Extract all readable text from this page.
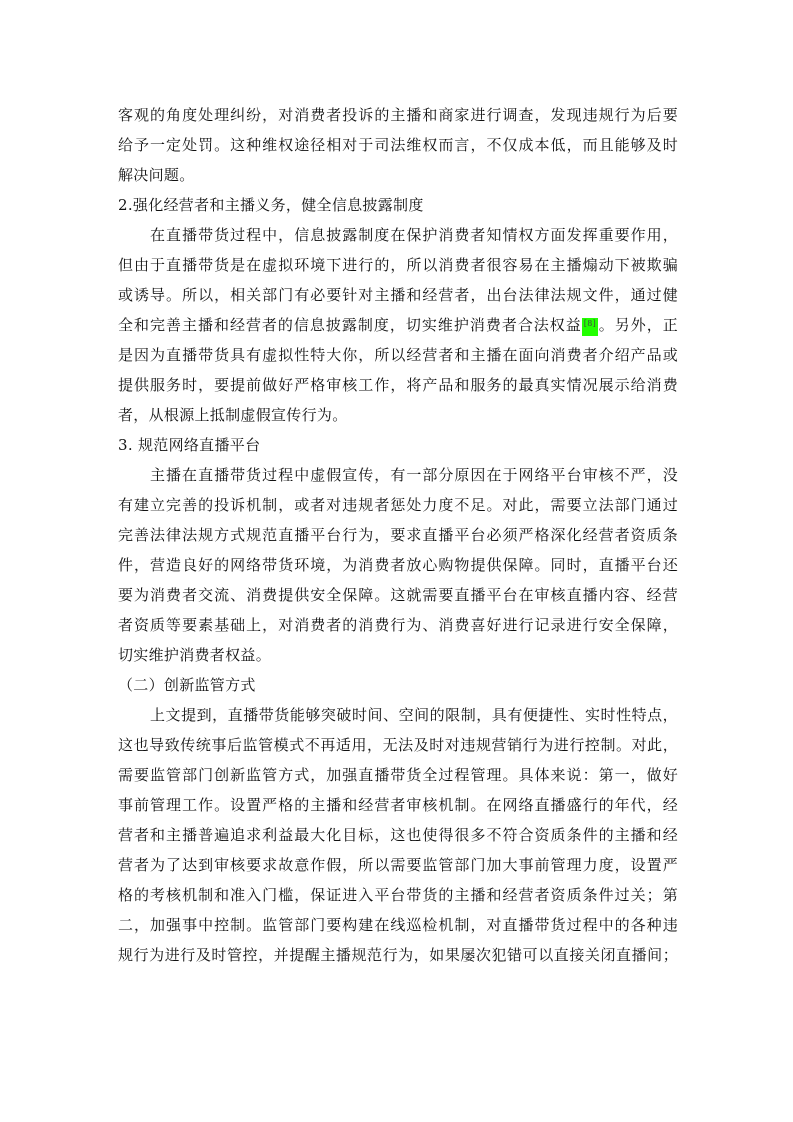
客观的角度处理纠纷，对消费者投诉的主播和商家进行调查，发现违规行为后要
给予一定处罚。这种维权途径相对于司法维权而言，不仅成本低，而且能够及时
解决问题。
2.强化经营者和主播义务，健全信息披露制度
在直播带货过程中，信息披露制度在保护消费者知情权方面发挥重要作用，
但由于直播带货是在虚拟环境下进行的，所以消费者很容易在主播煽动下被欺骗
或诱导。所以，相关部门有必要针对主播和经营者，出台法律法规文件，通过健
全和完善主播和经营者的信息披露制度，切实维护消费者合法权益 [8] 。另外，正
是因为直播带货具有虚拟性特大你，所以经营者和主播在面向消费者介绍产品或
提供服务时，要提前做好严格审核工作，将产品和服务的最真实情况展示给消费
者，从根源上抵制虚假宣传行为。
3. 规范网络直播平台
主播在直播带货过程中虚假宣传，有一部分原因在于网络平台审核不严，没
有建立完善的投诉机制，或者对违规者惩处力度不足。对此，需要立法部门通过
完善法律法规方式规范直播平台行为，要求直播平台必须严格深化经营者资质条
件，营造良好的网络带货环境，为消费者放心购物提供保障。同时，直播平台还
要为消费者交流、消费提供安全保障。这就需要直播平台在审核直播内容、经营
者资质等要素基础上，对消费者的消费行为、消费喜好进行记录进行安全保障，
切实维护消费者权益。
（二）创新监管方式
上文提到，直播带货能够突破时间、空间的限制，具有便捷性、实时性特点，
这也导致传统事后监管模式不再适用，无法及时对违规营销行为进行控制。对此，
需要监管部门创新监管方式，加强直播带货全过程管理。具体来说：第一，做好
事前管理工作。设置严格的主播和经营者审核机制。在网络直播盛行的年代，经
营者和主播普遍追求利益最大化目标，这也使得很多不符合资质条件的主播和经
营者为了达到审核要求故意作假，所以需要监管部门加大事前管理力度，设置严
格的考核机制和准入门槛，保证进入平台带货的主播和经营者资质条件过关；第
二，加强事中控制。监管部门要构建在线巡检机制，对直播带货过程中的各种违
规行为进行及时管控，并提醒主播规范行为，如果屡次犯错可以直接关闭直播间；
